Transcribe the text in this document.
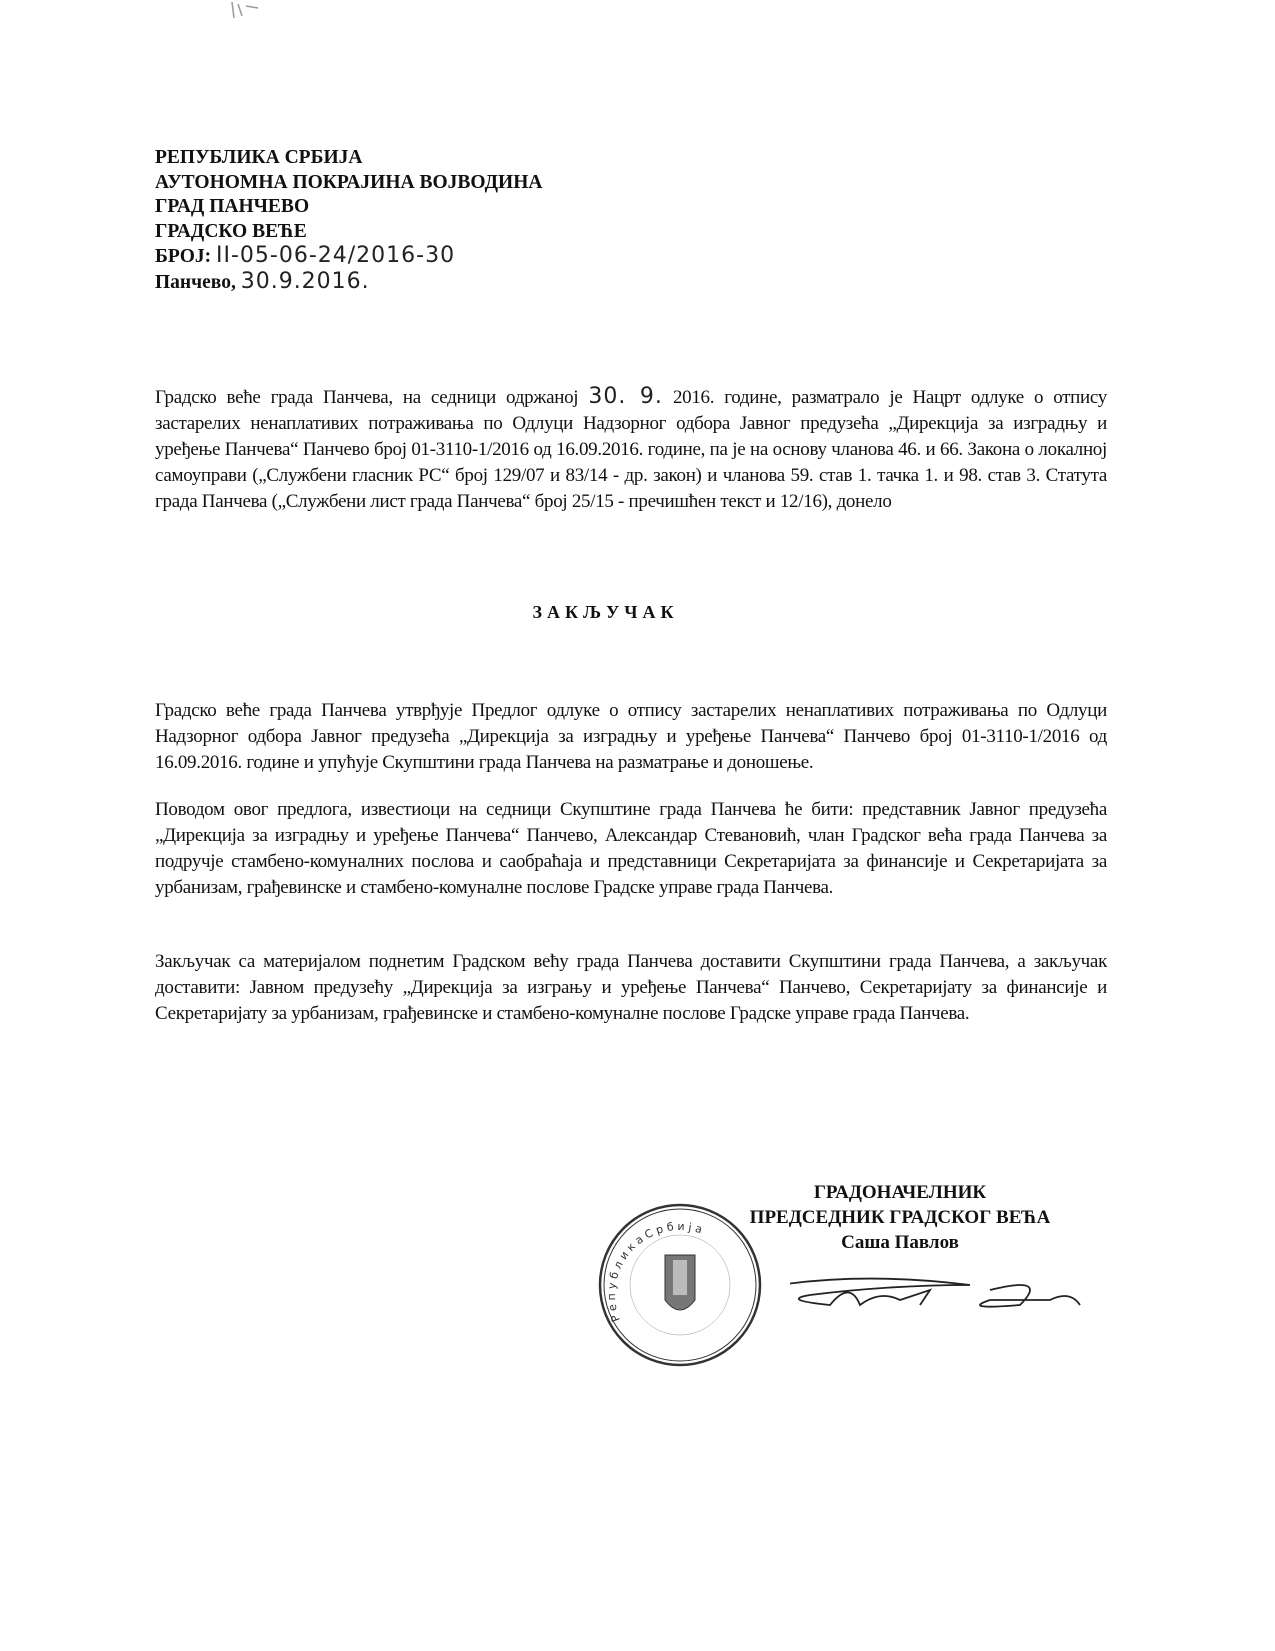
РЕПУБЛИКА СРБИЈА
АУТОНОМНА ПОКРАЈИНА ВОЈВОДИНА
ГРАД ПАНЧЕВО
ГРАДСКО ВЕЋЕ
БРОЈ: II-05-06-24/2016-30
Панчево, 30.9.2016.
Градско веће града Панчева, на седници одржаној 30. 9. 2016. године, разматрало је Нацрт одлуке о отпису застарелих ненаплативих потраживања по Одлуци Надзорног одбора Јавног предузећа „Дирекција за изградњу и уређење Панчева“ Панчево број 01-3110-1/2016 од 16.09.2016. године, па је на основу чланова 46. и 66. Закона о локалној самоуправи („Службени гласник РС“ број 129/07 и 83/14 - др. закон) и чланова 59. став 1. тачка 1. и 98. став 3. Статута града Панчева („Службени лист града Панчева“ број 25/15 - пречишћен текст и 12/16), донело
ЗАКЉУЧАК
Градско веће града Панчева утврђује Предлог одлуке о отпису застарелих ненаплативих потраживања по Одлуци Надзорног одбора Јавног предузећа „Дирекција за изградњу и уређење Панчева“ Панчево број 01-3110-1/2016 од 16.09.2016. године и упућује Скупштини града Панчева на разматрање и доношење.
Поводом овог предлога, известиоци на седници Скупштине града Панчева ће бити: представник Јавног предузећа „Дирекција за изградњу и уређење Панчева“ Панчево, Александар Стевановић, члан Градског већа града Панчева за подручје стамбено-комуналних послова и саобраћаја и представници Секретаријата за финансије и Секретаријата за урбанизам, грађевинске и стамбено-комуналне послове Градске управе града Панчева.
Закључак са материјалом поднетим Градском већу града Панчева доставити Скупштини града Панчева, а закључак доставити: Јавном предузећу „Дирекција за изгрању и уређење Панчева“ Панчево, Секретаријату за финансије и Секретаријату за урбанизам, грађевинске и стамбено-комуналне послове Градске управе града Панчева.
Р е п у б л и к а С р б и ј а
ГРАДОНАЧЕЛНИК
ПРЕДСЕДНИК ГРАДСКОГ ВЕЋА
Саша Павлов
